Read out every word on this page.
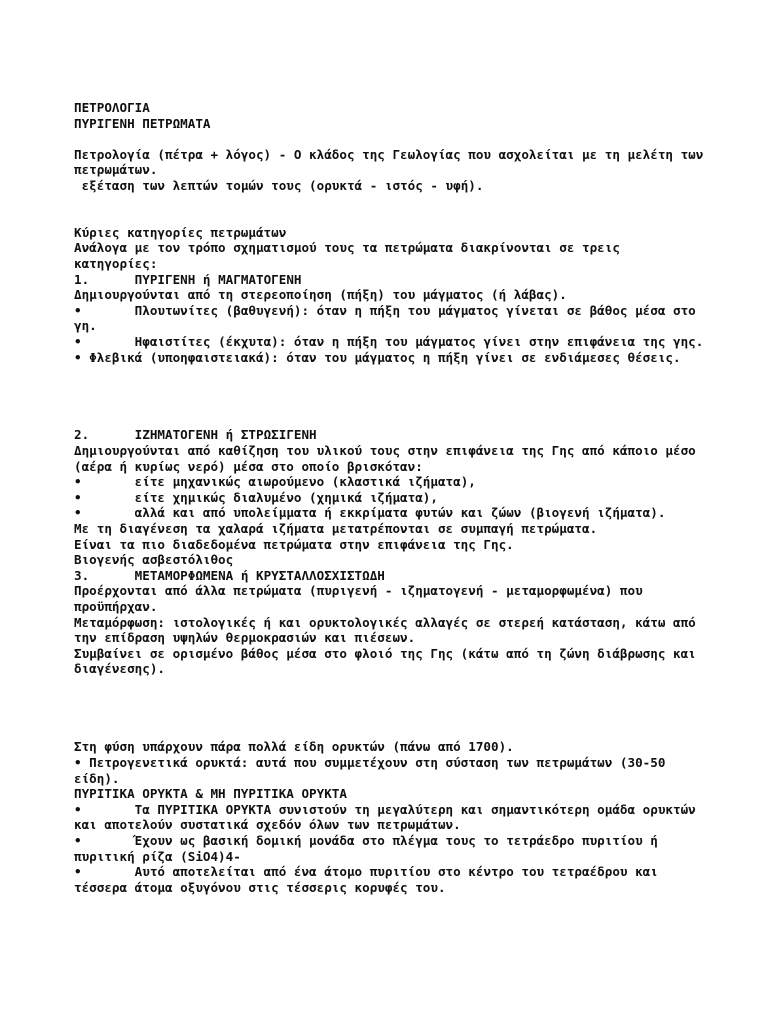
ΠΕΤΡΟΛΟΓΙΑ
ΠΥΡΙΓΕΝΗ ΠΕΤΡΩΜΑΤΑ
Πετρολογία (πέτρα + λόγος) - Ο κλάδος της Γεωλογίας που ασχολείται με τη μελέτη των πετρωμάτων.
εξέταση των λεπτών τομών τους (ορυκτά - ιστός - υφή).
Κύριες κατηγορίες πετρωμάτων
Ανάλογα με τον τρόπο σχηματισμού τους τα πετρώματα διακρίνονται σε τρεις κατηγορίες:
1.	ΠΥΡΙΓΕΝΗ ή ΜΑΓΜΑΤΟΓΕΝΗ
Δημιουργούνται από τη στερεοποίηση (πήξη) του μάγματος (ή λάβας).
•	Πλουτωνίτες (βαθυγενή): όταν η πήξη του μάγματος γίνεται σε βάθος μέσα στο γη.
•	Ηφαιστίτες (έκχυτα): όταν η πήξη του μάγματος γίνει στην επιφάνεια της γης.
• Φλεβικά (υποηφαιστειακά): όταν του μάγματος η πήξη γίνει σε ενδιάμεσες θέσεις.
2.	ΙΖΗΜΑΤΟΓΕΝΗ ή ΣΤΡΩΣΙΓΕΝΗ
Δημιουργούνται από καθίζηση του υλικού τους στην επιφάνεια της Γης από κάποιο μέσο (αέρα ή κυρίως νερό) μέσα στο οποίο βρισκόταν:
•	είτε μηχανικώς αιωρούμενο (κλαστικά ιζήματα),
•	είτε χημικώς διαλυμένο (χημικά ιζήματα),
•	αλλά και από υπολείμματα ή εκκρίματα φυτών και ζώων (βιογενή ιζήματα).
Με τη διαγένεση τα χαλαρά ιζήματα μετατρέπονται σε συμπαγή πετρώματα.
Είναι τα πιο διαδεδομένα πετρώματα στην επιφάνεια της Γης.
Βιογενής ασβεστόλιθος
3.	ΜΕΤΑΜΟΡΦΩΜΕΝΑ ή ΚΡΥΣΤΑΛΛΟΣΧΙΣΤΩΔΗ
Προέρχονται από άλλα πετρώματα (πυριγενή - ιζηματογενή - μεταμορφωμένα) που προϋπήρχαν.
Μεταμόρφωση: ιστολογικές ή και ορυκτολογικές αλλαγές σε στερεή κατάσταση, κάτω από την επίδραση υψηλών θερμοκρασιών και πιέσεων.
Συμβαίνει σε ορισμένο βάθος μέσα στο φλοιό της Γης (κάτω από τη ζώνη διάβρωσης και διαγένεσης).
Στη φύση υπάρχουν πάρα πολλά είδη ορυκτών (πάνω από 1700).
• Πετρογενετικά ορυκτά: αυτά που συμμετέχουν στη σύσταση των πετρωμάτων (30-50 είδη).
ΠΥΡΙΤΙΚΑ ΟΡΥΚΤΑ & ΜΗ ΠΥΡΙΤΙΚΑ ΟΡΥΚΤΑ
•	Τα ΠΥΡΙΤΙΚΑ ΟΡΥΚΤΑ συνιστούν τη μεγαλύτερη και σημαντικότερη ομάδα ορυκτών και αποτελούν συστατικά σχεδόν όλων των πετρωμάτων.
•	Έχουν ως βασική δομική μονάδα στο πλέγμα τους το τετράεδρο πυριτίου ή πυριτική ρίζα (SiO4)4-
•	Αυτό αποτελείται από ένα άτομο πυριτίου στο κέντρο του τετραέδρου και τέσσερα άτομα οξυγόνου στις τέσσερις κορυφές του.
